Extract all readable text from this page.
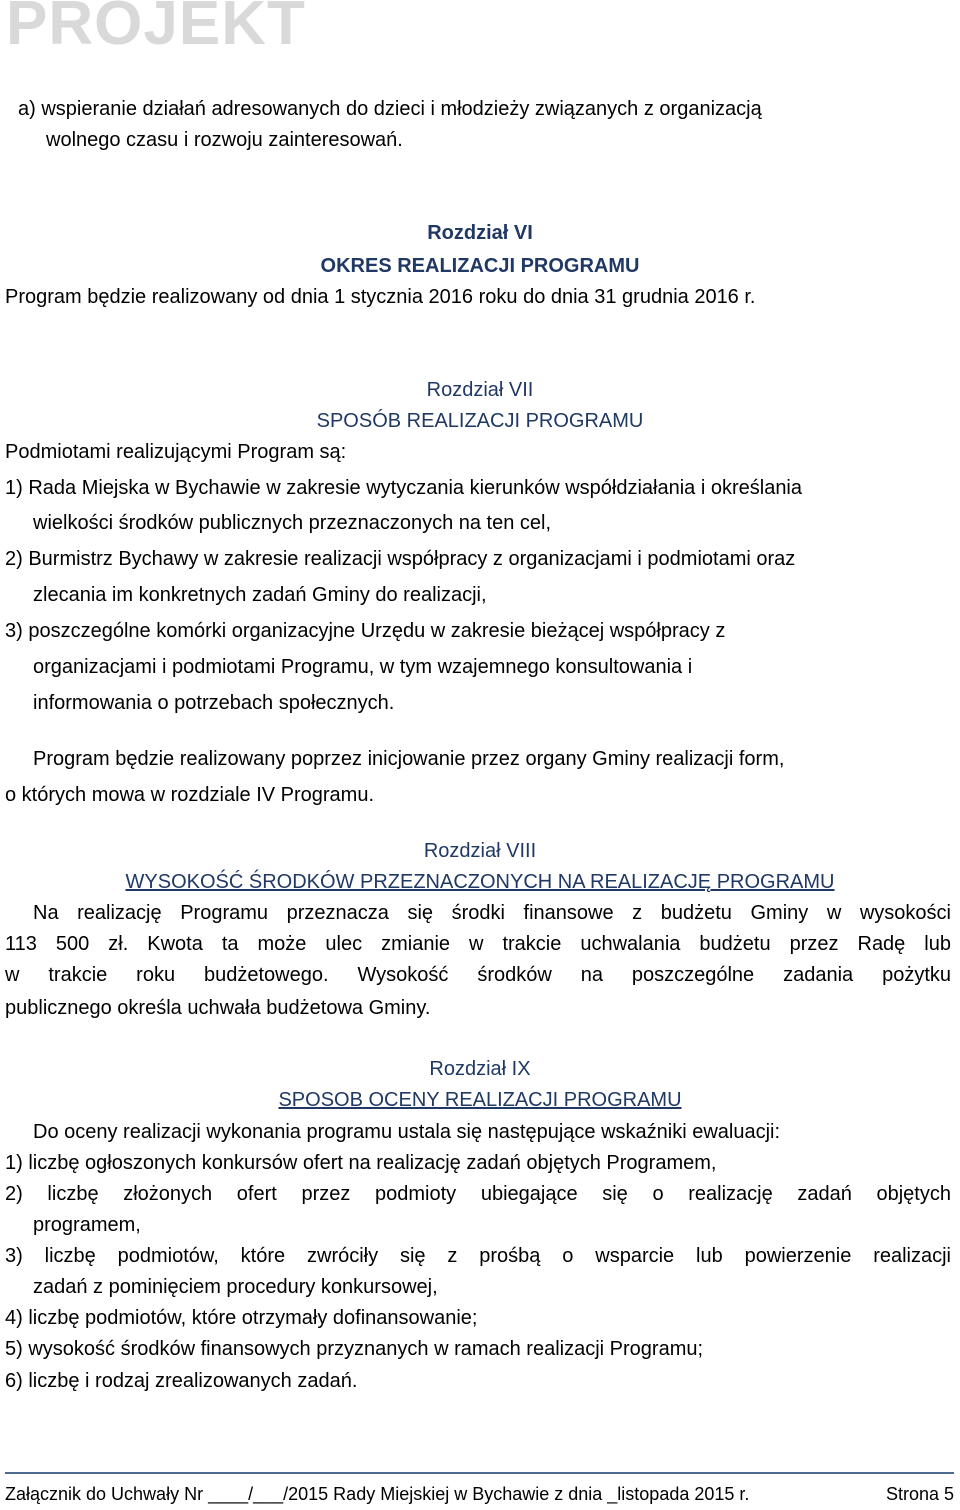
PROJEKT
a) wspieranie działań adresowanych do dzieci i młodzieży związanych z organizacją
wolnego czasu i rozwoju zainteresowań.
Rozdział VI
OKRES REALIZACJI PROGRAMU
Program będzie realizowany od dnia 1 stycznia 2016 roku do dnia 31 grudnia 2016 r.
Rozdział VII
SPOSÓB REALIZACJI PROGRAMU
Podmiotami realizującymi Program są:
1) Rada Miejska w Bychawie w zakresie wytyczania kierunków współdziałania i określania
wielkości środków publicznych przeznaczonych na ten cel,
2) Burmistrz Bychawy w zakresie realizacji współpracy z organizacjami i podmiotami oraz
zlecania im konkretnych zadań Gminy do realizacji,
3) poszczególne komórki organizacyjne Urzędu w zakresie bieżącej współpracy z
organizacjami i podmiotami Programu, w tym wzajemnego konsultowania i
informowania o potrzebach społecznych.
Program będzie realizowany poprzez inicjowanie przez organy Gminy realizacji form,
o których mowa w rozdziale IV Programu.
Rozdział VIII
WYSOKOŚĆ ŚRODKÓW PRZEZNACZONYCH NA REALIZACJĘ PROGRAMU
Na realizację Programu przeznacza się środki finansowe z budżetu Gminy w wysokości
113 500 zł. Kwota ta może ulec zmianie w trakcie uchwalania budżetu przez Radę lub
w trakcie roku budżetowego. Wysokość środków na poszczególne zadania pożytku
publicznego określa uchwała budżetowa Gminy.
Rozdział IX
SPOSOB OCENY REALIZACJI PROGRAMU
Do oceny realizacji wykonania programu ustala się następujące wskaźniki ewaluacji:
1) liczbę ogłoszonych konkursów ofert na realizację zadań objętych Programem,
2) liczbę złożonych ofert przez podmioty ubiegające się o realizację zadań objętych
programem,
3) liczbę podmiotów, które zwróciły się z prośbą o wsparcie lub powierzenie realizacji
zadań z pominięciem procedury konkursowej,
4) liczbę podmiotów, które otrzymały dofinansowanie;
5) wysokość środków finansowych przyznanych w ramach realizacji Programu;
6) liczbę i rodzaj zrealizowanych zadań.
Załącznik do Uchwały Nr ____/___/2015 Rady Miejskiej w Bychawie z dnia _listopada 2015 r.	Strona 5
